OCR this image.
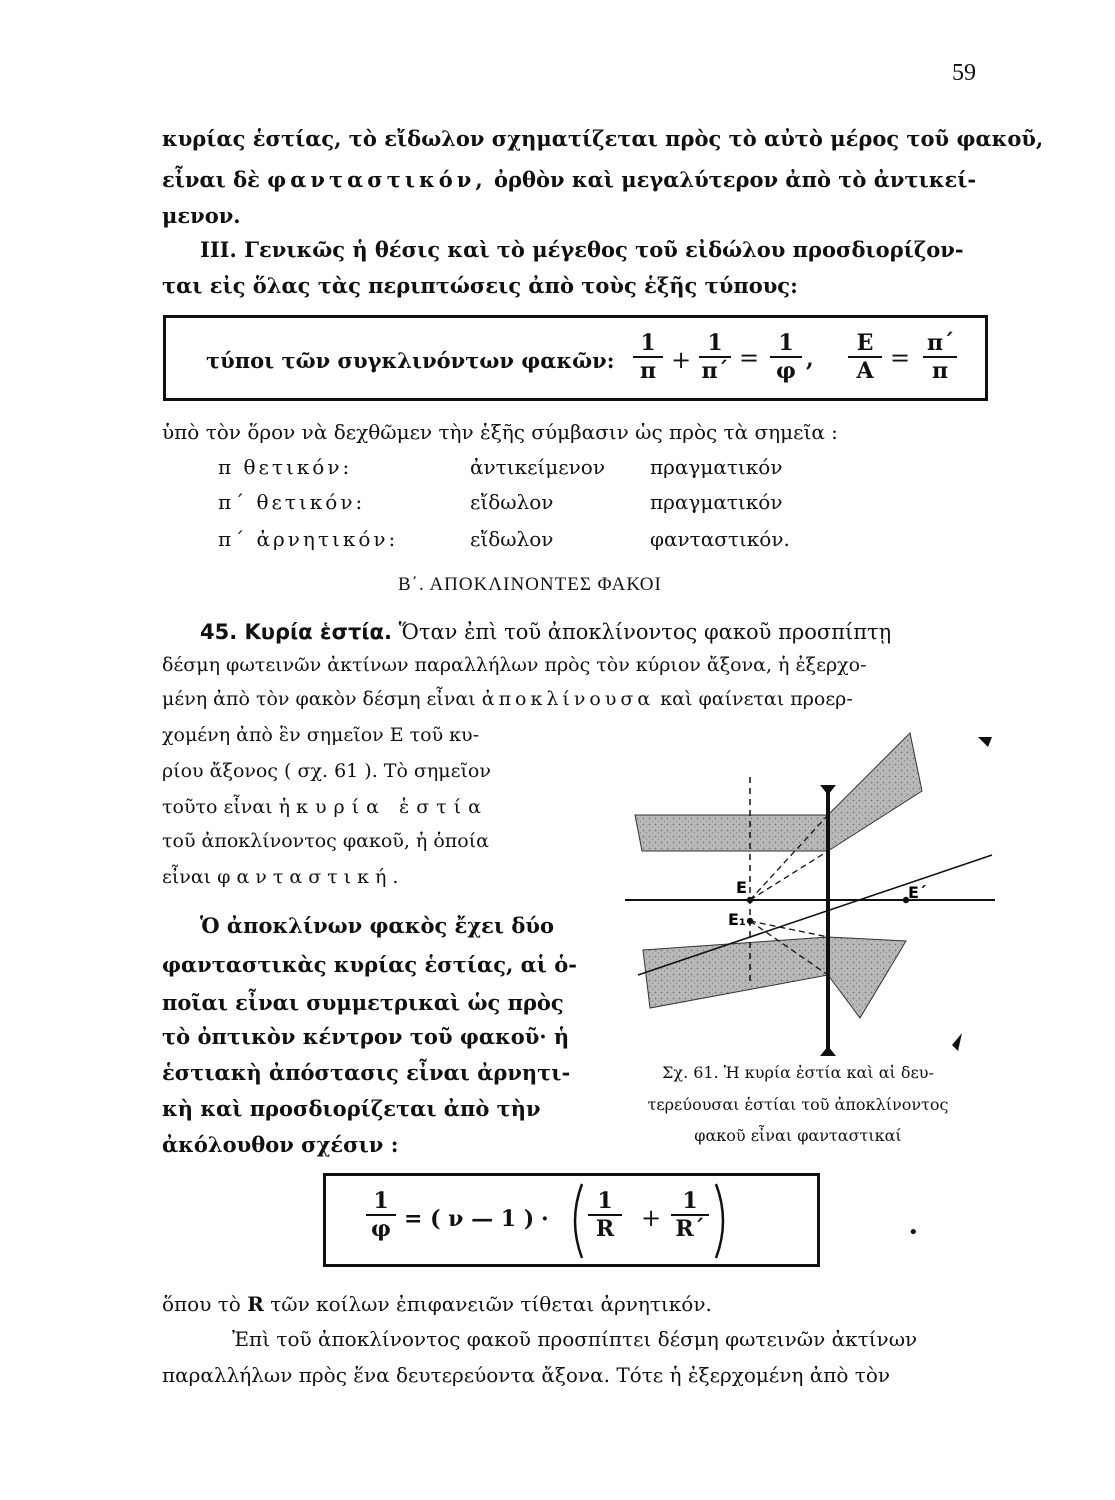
59
κυρίας ἑστίας, τὸ εἴδωλον σχηματίζεται πρὸς τὸ αὐτὸ μέρος τοῦ φακοῦ,
εἶναι δὲ φανταστικόν, ὀρθὸν καὶ μεγαλύτερον ἀπὸ τὸ ἀντικεί-
μενον.
III. Γενικῶς ἡ θέσις καὶ τὸ μέγεθος τοῦ εἰδώλου προσδιορίζον-
ται εἰς ὅλας τὰς περιπτώσεις ἀπὸ τοὺς ἑξῆς τύπους:
τύποι τῶν συγκλινόντων φακῶν: $\frac{1}{\pi} + \frac{1}{\pi΄} = \frac{1}{\varphi}$ , $\frac{E}{A} = \frac{\pi΄}{\pi}$
ὑπὸ τὸν ὅρον νὰ δεχθῶμεν τὴν ἑξῆς σύμβασιν ὡς πρὸς τὰ σημεῖα :
π θετικόν:	ἀντικείμενον πραγματικόν
π΄ θετικόν:	εἴδωλον	πραγματικόν
π΄ ἀρνητικόν:	εἴδωλον	φανταστικόν.
Β΄. ΑΠΟΚΛΙΝΟΝΤΕΣ ΦΑΚΟΙ
45. Κυρία ἑστία. Ὅταν ἐπὶ τοῦ ἀποκλίνοντος φακοῦ προσπίπτῃ
δέσμη φωτεινῶν ἀκτίνων παραλλήλων πρὸς τὸν κύριον ἄξονα, ἡ ἐξερχο-
μένη ἀπὸ τὸν φακὸν δέσμη εἶναι ἀποκλίνουσα καὶ φαίνεται προερ-
χομένη ἀπὸ ἓν σημεῖον Ε τοῦ κυ-
ρίου ἄξονος ( σχ. 61 ). Τὸ σημεῖον
τοῦτο εἶναι ἡ κυρία ἑστία
τοῦ ἀποκλίνοντος φακοῦ, ἡ ὁποία
εἶναι φανταστική.
Ὁ ἀποκλίνων φακὸς ἔχει δύο
φανταστικὰς κυρίας ἑστίας, αἱ ὁ-
ποῖαι εἶναι συμμετρικαὶ ὡς πρὸς
τὸ ὀπτικὸν κέντρον τοῦ φακοῦ· ἡ
ἑστιακὴ ἀπόστασις εἶναι ἀρνητι-
κὴ καὶ προσδιορίζεται ἀπὸ τὴν
ἀκόλουθον σχέσιν :
Ε	Ε΄
Ε₁
Σχ. 61. Ἡ κυρία ἑστία καὶ αἱ δευ-
τερεύουσαι ἑστίαι τοῦ ἀποκλίνοντος
φακοῦ εἶναι φανταστικαί
$\frac{1}{\varphi}$ = ( ν — 1 ) · $\frac{1}{R} + \frac{1}{R΄}$	•
ὅπου τὸ R τῶν κοίλων ἐπιφανειῶν τίθεται ἀρνητικόν.
Ἐπὶ τοῦ ἀποκλίνοντος φακοῦ προσπίπτει δέσμη φωτεινῶν ἀκτίνων
παραλλήλων πρὸς ἕνα δευτερεύοντα ἄξονα. Τότε ἡ ἐξερχομένη ἀπὸ τὸν
